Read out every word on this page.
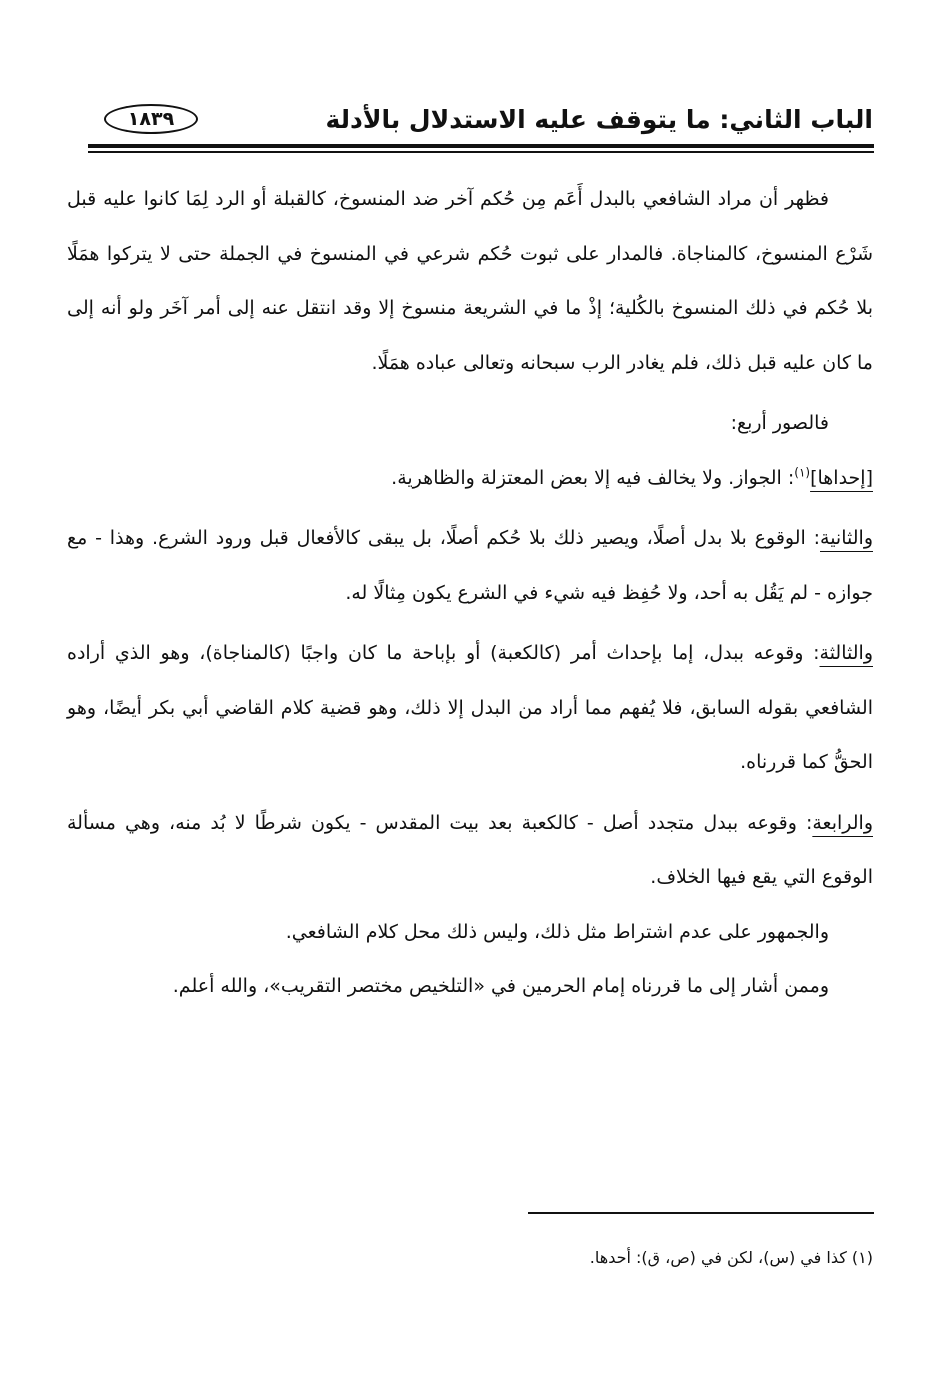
الباب الثاني: ما يتوقف عليه الاستدلال بالأدلة
١٨٣٩

فظهر أن مراد الشافعي بالبدل أَعَم مِن حُكم آخر ضد المنسوخ، كالقبلة أو الرد لِمَا كانوا عليه قبل شَرْع المنسوخ، كالمناجاة. فالمدار على ثبوت حُكم شرعي في المنسوخ في الجملة حتى لا يتركوا همَلًا بلا حُكم في ذلك المنسوخ بالكُلية؛ إذْ ما في الشريعة منسوخ إلا وقد انتقل عنه إلى أمر آخَر ولو أنه إلى ما كان عليه قبل ذلك، فلم يغادر الرب سبحانه وتعالى عباده همَلًا.

فالصور أربع:

[إحداها]$^{(١)}$: الجواز. ولا يخالف فيه إلا بعض المعتزلة والظاهرية.

والثانية: الوقوع بلا بدل أصلًا، ويصير ذلك بلا حُكم أصلًا، بل يبقى كالأفعال قبل ورود الشرع. وهذا - مع جوازه - لم يَقُل به أحد، ولا حُفِظ فيه شيء في الشرع يكون مِثالًا له.

والثالثة: وقوعه ببدل، إما بإحداث أمر (كالكعبة) أو بإباحة ما كان واجبًا (كالمناجاة)، وهو الذي أراده الشافعي بقوله السابق، فلا يُفهم مما أراد من البدل إلا ذلك، وهو قضية كلام القاضي أبي بكر أيضًا، وهو الحقُّ كما قررناه.

والرابعة: وقوعه ببدل متجدد أصل - كالكعبة بعد بيت المقدس - يكون شرطًا لا بُد منه، وهي مسألة الوقوع التي يقع فيها الخلاف.

والجمهور على عدم اشتراط مثل ذلك، وليس ذلك محل كلام الشافعي.

وممن أشار إلى ما قررناه إمام الحرمين في «التلخيص مختصر التقريب»، والله أعلم.

(١) كذا في (س)، لكن في (ص، ق): أحدها.
